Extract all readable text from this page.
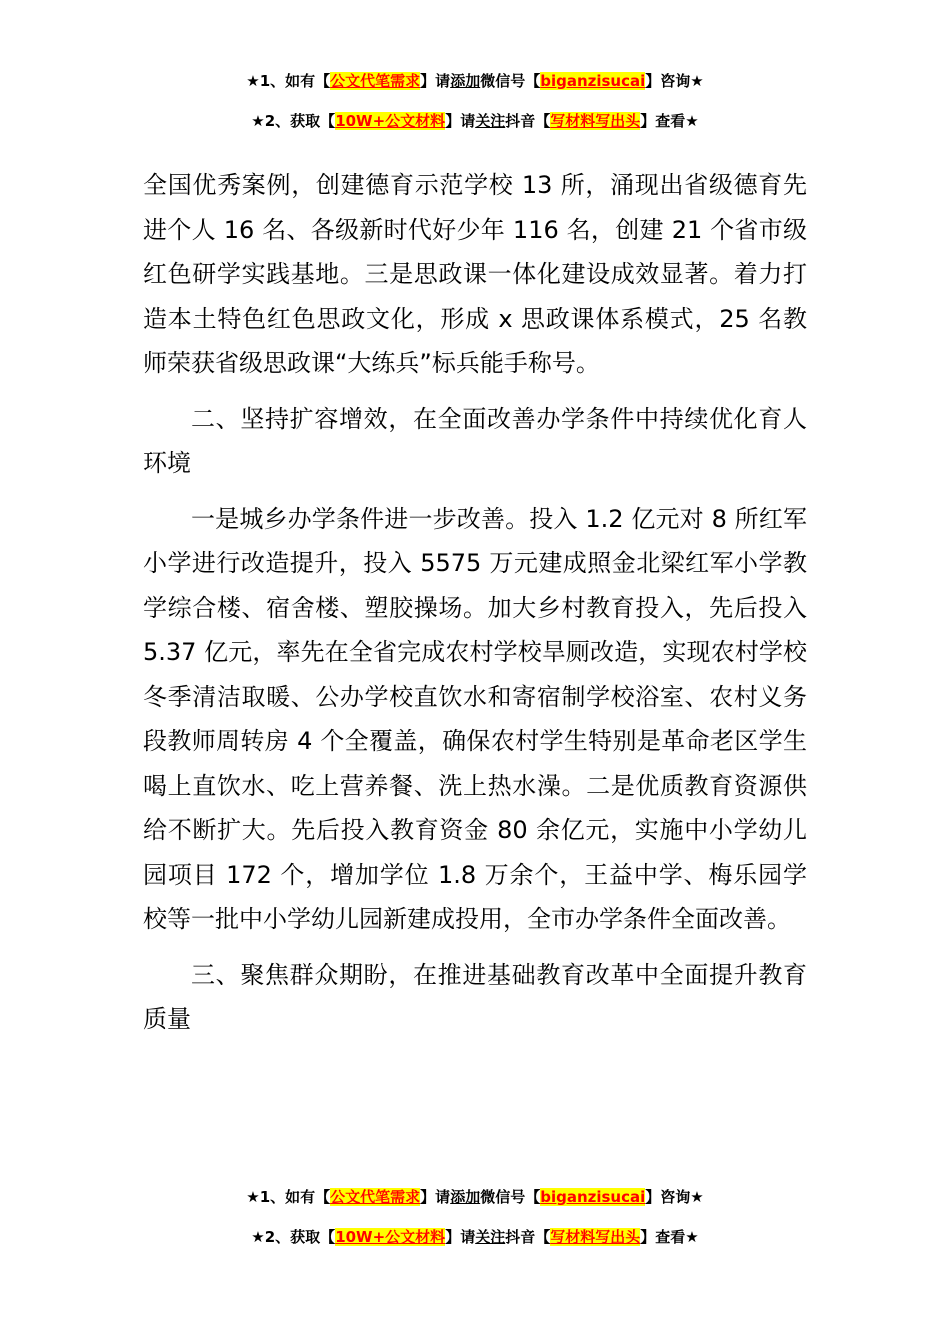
★1、如有【公文代笔需求】请添加微信号【biganzisucai】咨询★
★2、获取【10W+公文材料】请关注抖音【写材料写出头】查看★

全国优秀案例，创建德育示范学校 13 所，涌现出省级德育先进个人 16 名、各级新时代好少年 116 名，创建 21 个省市级红色研学实践基地。三是思政课一体化建设成效显著。着力打造本土特色红色思政文化，形成 x 思政课体系模式，25 名教师荣获省级思政课“大练兵”标兵能手称号。

二、坚持扩容增效，在全面改善办学条件中持续优化育人环境

一是城乡办学条件进一步改善。投入 1.2 亿元对 8 所红军小学进行改造提升，投入 5575 万元建成照金北梁红军小学教学综合楼、宿舍楼、塑胶操场。加大乡村教育投入，先后投入 5.37 亿元，率先在全省完成农村学校旱厕改造，实现农村学校冬季清洁取暖、公办学校直饮水和寄宿制学校浴室、农村义务段教师周转房 4 个全覆盖，确保农村学生特别是革命老区学生喝上直饮水、吃上营养餐、洗上热水澡。二是优质教育资源供给不断扩大。先后投入教育资金 80 余亿元，实施中小学幼儿园项目 172 个，增加学位 1.8 万余个，王益中学、梅乐园学校等一批中小学幼儿园新建成投用，全市办学条件全面改善。

三、聚焦群众期盼，在推进基础教育改革中全面提升教育质量

★1、如有【公文代笔需求】请添加微信号【biganzisucai】咨询★
★2、获取【10W+公文材料】请关注抖音【写材料写出头】查看★
